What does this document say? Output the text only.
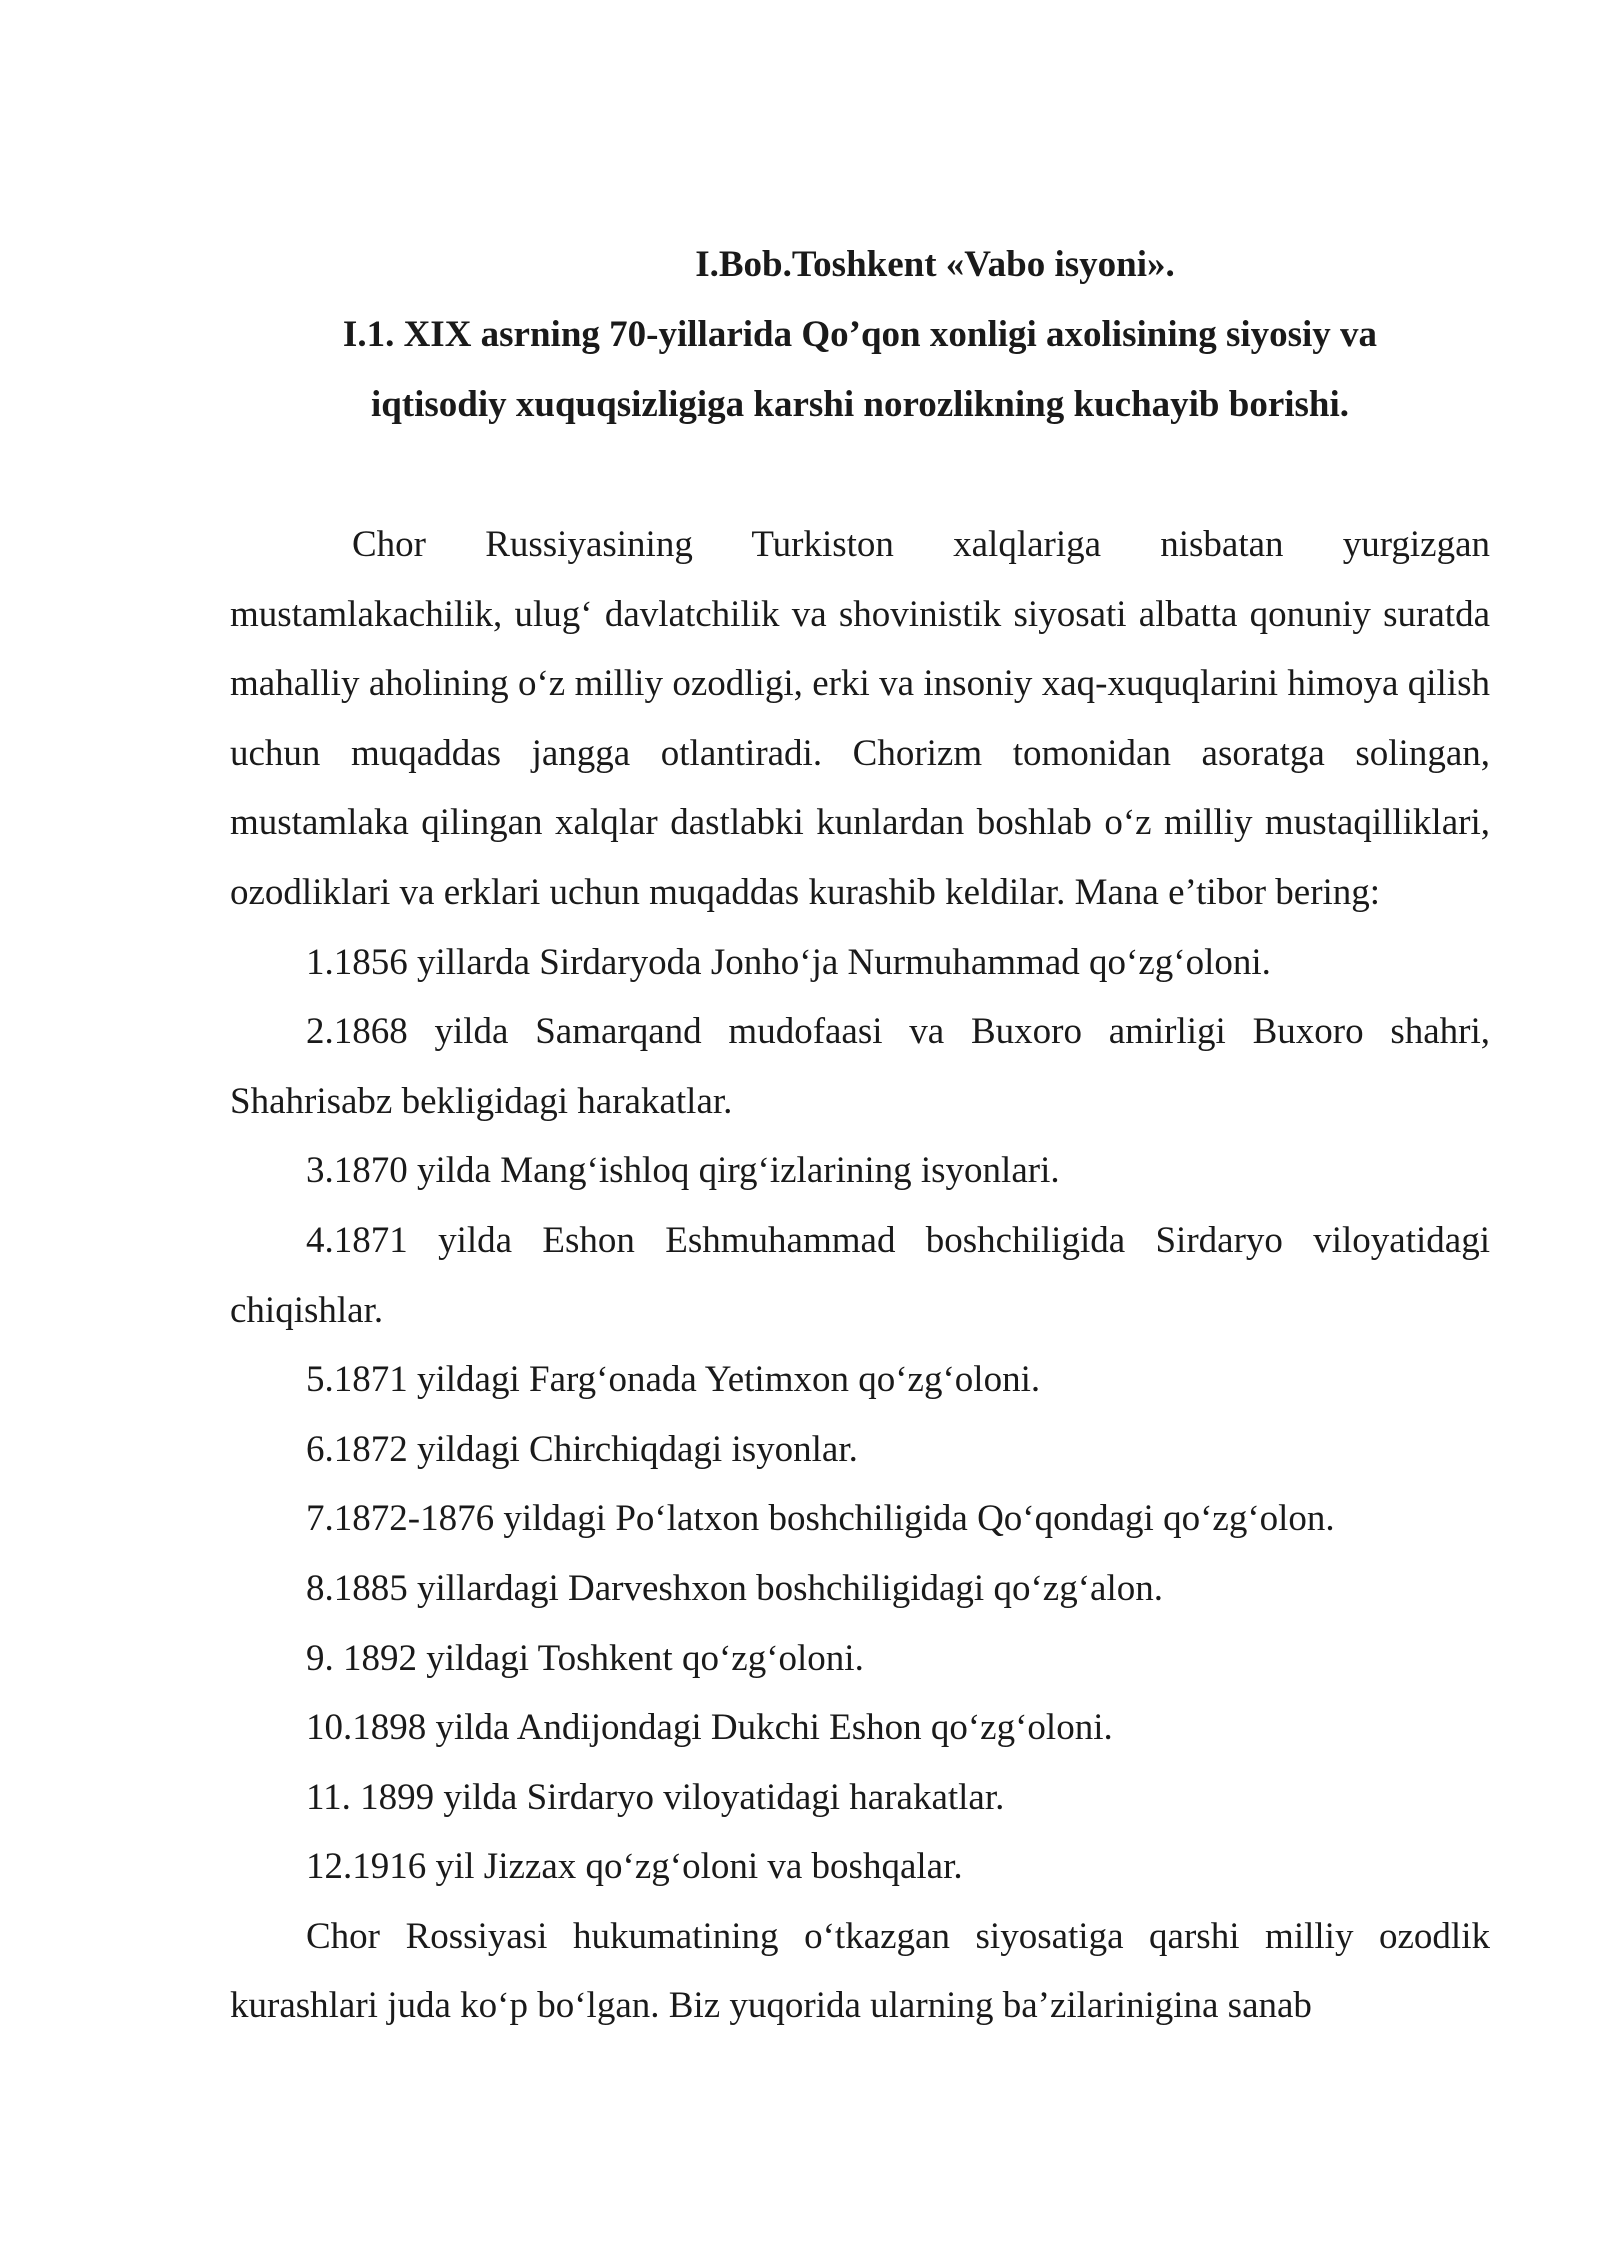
I.Bob.Toshkent «Vabo isyoni».
I.1. XIX asrning 70-yillarida Qo’qon xonligi axolisining siyosiy va
iqtisodiy xuquqsizligiga karshi norozlikning kuchayib borishi.

Chor Russiyasining Turkiston xalqlariga nisbatan yurgizgan mustamlakachilik, ulug‘ davlatchilik va shovinistik siyosati albatta qonuniy suratda mahalliy aholining o‘z milliy ozodligi, erki va insoniy xaq-xuquqlarini himoya qilish uchun muqaddas jangga otlantiradi. Chorizm tomonidan asoratga solingan, mustamlaka qilingan xalqlar dastlabki kunlardan boshlab o‘z milliy mustaqilliklari, ozodliklari va erklari uchun muqaddas kurashib keldilar. Mana e’tibor bering:

1.1856 yillarda Sirdaryoda Jonho‘ja Nurmuhammad qo‘zg‘oloni.

2.1868 yilda Samarqand mudofaasi va Buxoro amirligi Buxoro shahri, Shahrisabz bekligidagi harakatlar.

3.1870 yilda Mang‘ishloq qirg‘izlarining isyonlari.

4.1871 yilda Eshon Eshmuhammad boshchiligida Sirdaryo viloyatidagi chiqishlar.

5.1871 yildagi Farg‘onada Yetimxon qo‘zg‘oloni.

6.1872 yildagi Chirchiqdagi isyonlar.

7.1872-1876 yildagi Po‘latxon boshchiligida Qo‘qondagi qo‘zg‘olon.

8.1885 yillardagi Darveshxon boshchiligidagi qo‘zg‘alon.

9. 1892 yildagi Toshkent qo‘zg‘oloni.

10.1898 yilda Andijondagi Dukchi Eshon qo‘zg‘oloni.

11. 1899 yilda Sirdaryo viloyatidagi harakatlar.

12.1916 yil Jizzax qo‘zg‘oloni va boshqalar.

Chor Rossiyasi hukumatining o‘tkazgan siyosatiga qarshi milliy ozodlik kurashlari juda ko‘p bo‘lgan. Biz yuqorida ularning ba’zilarinigina sanab
